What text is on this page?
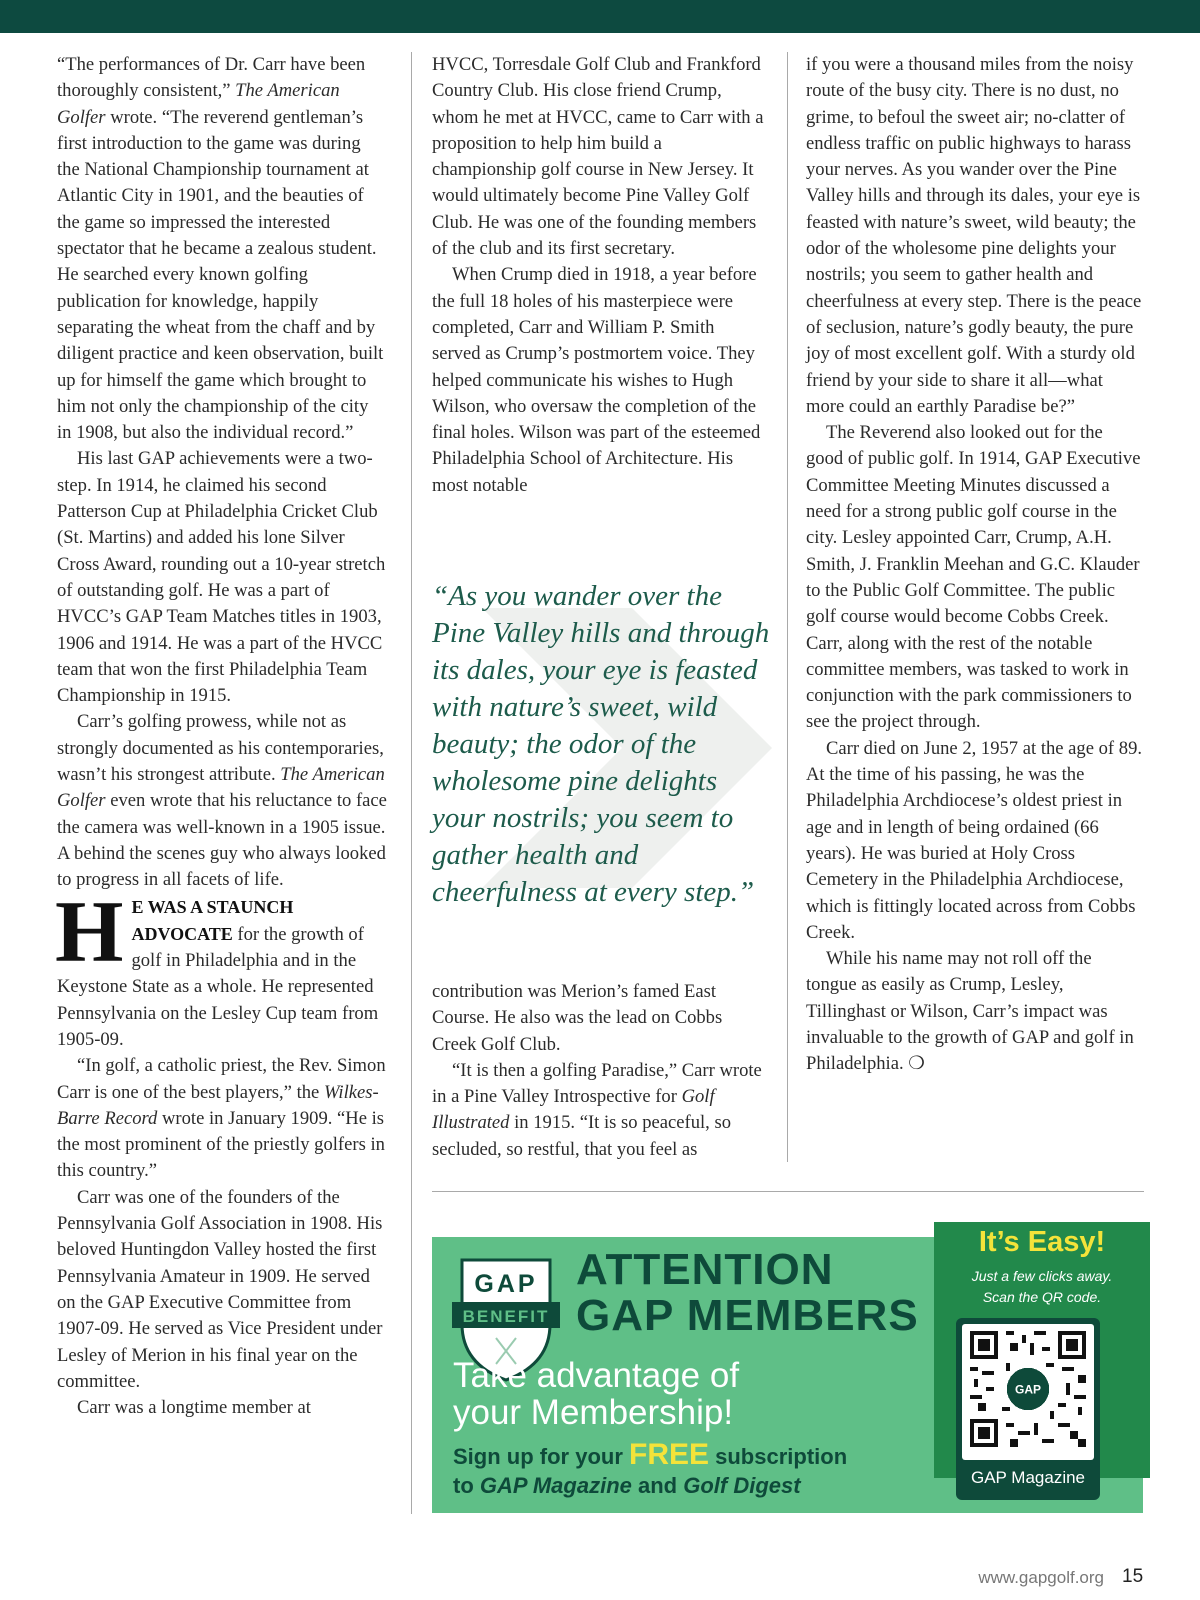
“The performances of Dr. Carr have been thoroughly consistent,” The American Golfer wrote. “The reverend gentleman’s first introduction to the game was during the National Championship tournament at Atlantic City in 1901, and the beauties of the game so impressed the interested spectator that he became a zealous student. He searched every known golfing publication for knowledge, happily separating the wheat from the chaff and by diligent practice and keen observation, built up for himself the game which brought to him not only the championship of the city in 1908, but also the individual record.”

His last GAP achievements were a two-step. In 1914, he claimed his second Patterson Cup at Philadelphia Cricket Club (St. Martins) and added his lone Silver Cross Award, rounding out a 10-year stretch of outstanding golf. He was a part of HVCC’s GAP Team Matches titles in 1903, 1906 and 1914. He was a part of the HVCC team that won the first Philadelphia Team Championship in 1915.

Carr’s golfing prowess, while not as strongly documented as his contemporaries, wasn’t his strongest attribute. The American Golfer even wrote that his reluctance to face the camera was well-known in a 1905 issue. A behind the scenes guy who always looked to progress in all facets of life.

H E WAS A STAUNCH ADVOCATE for the growth of golf in Philadelphia and in the Keystone State as a whole. He represented Pennsylvania on the Lesley Cup team from 1905-09.

“In golf, a catholic priest, the Rev. Simon Carr is one of the best players,” the Wilkes-Barre Record wrote in January 1909. “He is the most prominent of the priestly golfers in this country.”

Carr was one of the founders of the Pennsylvania Golf Association in 1908. His beloved Huntingdon Valley hosted the first Pennsylvania Amateur in 1909. He served on the GAP Executive Committee from 1907-09. He served as Vice President under Lesley of Merion in his final year on the committee.

Carr was a longtime member at

HVCC, Torresdale Golf Club and Frankford Country Club. His close friend Crump, whom he met at HVCC, came to Carr with a proposition to help him build a championship golf course in New Jersey. It would ultimately become Pine Valley Golf Club. He was one of the founding members of the club and its first secretary.

When Crump died in 1918, a year before the full 18 holes of his masterpiece were completed, Carr and William P. Smith served as Crump’s postmortem voice. They helped communicate his wishes to Hugh Wilson, who oversaw the completion of the final holes. Wilson was part of the esteemed Philadelphia School of Architecture. His most notable

“As you wander over the Pine Valley hills and through its dales, your eye is feasted with nature’s sweet, wild beauty; the odor of the wholesome pine delights your nostrils; you seem to gather health and cheerfulness at every step.”

contribution was Merion’s famed East Course. He also was the lead on Cobbs Creek Golf Club.

“It is then a golfing Paradise,” Carr wrote in a Pine Valley Introspective for Golf Illustrated in 1915. “It is so peaceful, so secluded, so restful, that you feel as

if you were a thousand miles from the noisy route of the busy city. There is no dust, no grime, to befoul the sweet air; no-clatter of endless traffic on public highways to harass your nerves. As you wander over the Pine Valley hills and through its dales, your eye is feasted with nature’s sweet, wild beauty; the odor of the wholesome pine delights your nostrils; you seem to gather health and cheerfulness at every step. There is the peace of seclusion, nature’s godly beauty, the pure joy of most excellent golf. With a sturdy old friend by your side to share it all—what more could an earthly Paradise be?”

The Reverend also looked out for the good of public golf. In 1914, GAP Executive Committee Meeting Minutes discussed a need for a strong public golf course in the city. Lesley appointed Carr, Crump, A.H. Smith, J. Franklin Meehan and G.C. Klauder to the Public Golf Committee. The public golf course would become Cobbs Creek. Carr, along with the rest of the notable committee members, was tasked to work in conjunction with the park commissioners to see the project through.

Carr died on June 2, 1957 at the age of 89. At the time of his passing, he was the Philadelphia Archdiocese’s oldest priest in age and in length of being ordained (66 years). He was buried at Holy Cross Cemetery in the Philadelphia Archdiocese, which is fittingly located across from Cobbs Creek.

While his name may not roll off the tongue as easily as Crump, Lesley, Tillinghast or Wilson, Carr’s impact was invaluable to the growth of GAP and golf in Philadelphia. ❍

GAP
BENEFIT
ATTENTION
GAP MEMBERS
Take advantage of
your Membership!
Sign up for your FREE subscription
to GAP Magazine and Golf Digest
It’s Easy!
Just a few clicks away.
Scan the QR code.
GAP
GAP Magazine
www.gapgolf.org 15
